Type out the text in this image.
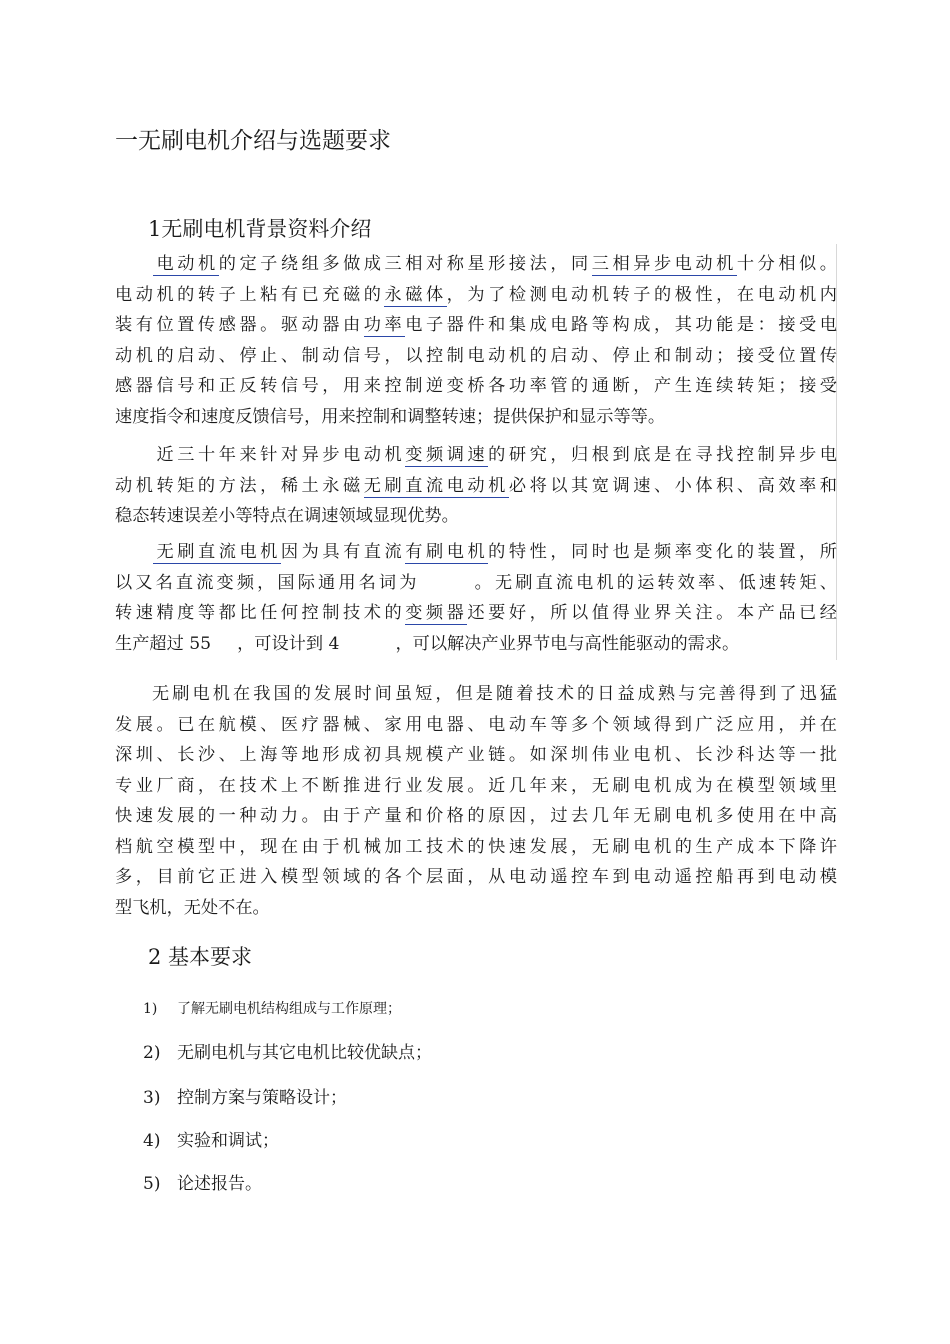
一无刷电机介绍与选题要求
1无刷电机背景资料介绍
电动机的定子绕组多做成三相对称星形接法，同三相异步电动机十分相似。
电动机的转子上粘有已充磁的永磁体，为了检测电动机转子的极性，在电动机内
装有位置传感器。驱动器由功率电子器件和集成电路等构成，其功能是：接受电
动机的启动、停止、制动信号，以控制电动机的启动、停止和制动；接受位置传
感器信号和正反转信号，用来控制逆变桥各功率管的通断，产生连续转矩；接受
速度指令和速度反馈信号，用来控制和调整转速；提供保护和显示等等。
近三十年来针对异步电动机变频调速的研究，归根到底是在寻找控制异步电
动机转矩的方法，稀土永磁无刷直流电动机必将以其宽调速、小体积、高效率和
稳态转速误差小等特点在调速领域显现优势。
无刷直流电机因为具有直流有刷电机的特性，同时也是频率变化的装置，所
以又名直流变频，国际通用名词为	。无刷直流电机的运转效率、低速转矩、
转速精度等都比任何控制技术的变频器还要好，所以值得业界关注。本产品已经
生产超过 55 ，可设计到 4	，可以解决产业界节电与高性能驱动的需求。
无刷电机在我国的发展时间虽短，但是随着技术的日益成熟与完善得到了迅猛
发展。已在航模、医疗器械、家用电器、电动车等多个领域得到广泛应用，并在
深圳、长沙、上海等地形成初具规模产业链。如深圳伟业电机、长沙科达等一批
专业厂商，在技术上不断推进行业发展。近几年来，无刷电机成为在模型领域里
快速发展的一种动力。由于产量和价格的原因，过去几年无刷电机多使用在中高
档航空模型中，现在由于机械加工技术的快速发展，无刷电机的生产成本下降许
多，目前它正进入模型领域的各个层面，从电动遥控车到电动遥控船再到电动模
型飞机，无处不在。
2 基本要求
1) 了解无刷电机结构组成与工作原理；
2) 无刷电机与其它电机比较优缺点；
3) 控制方案与策略设计；
4) 实验和调试；
5) 论述报告。
